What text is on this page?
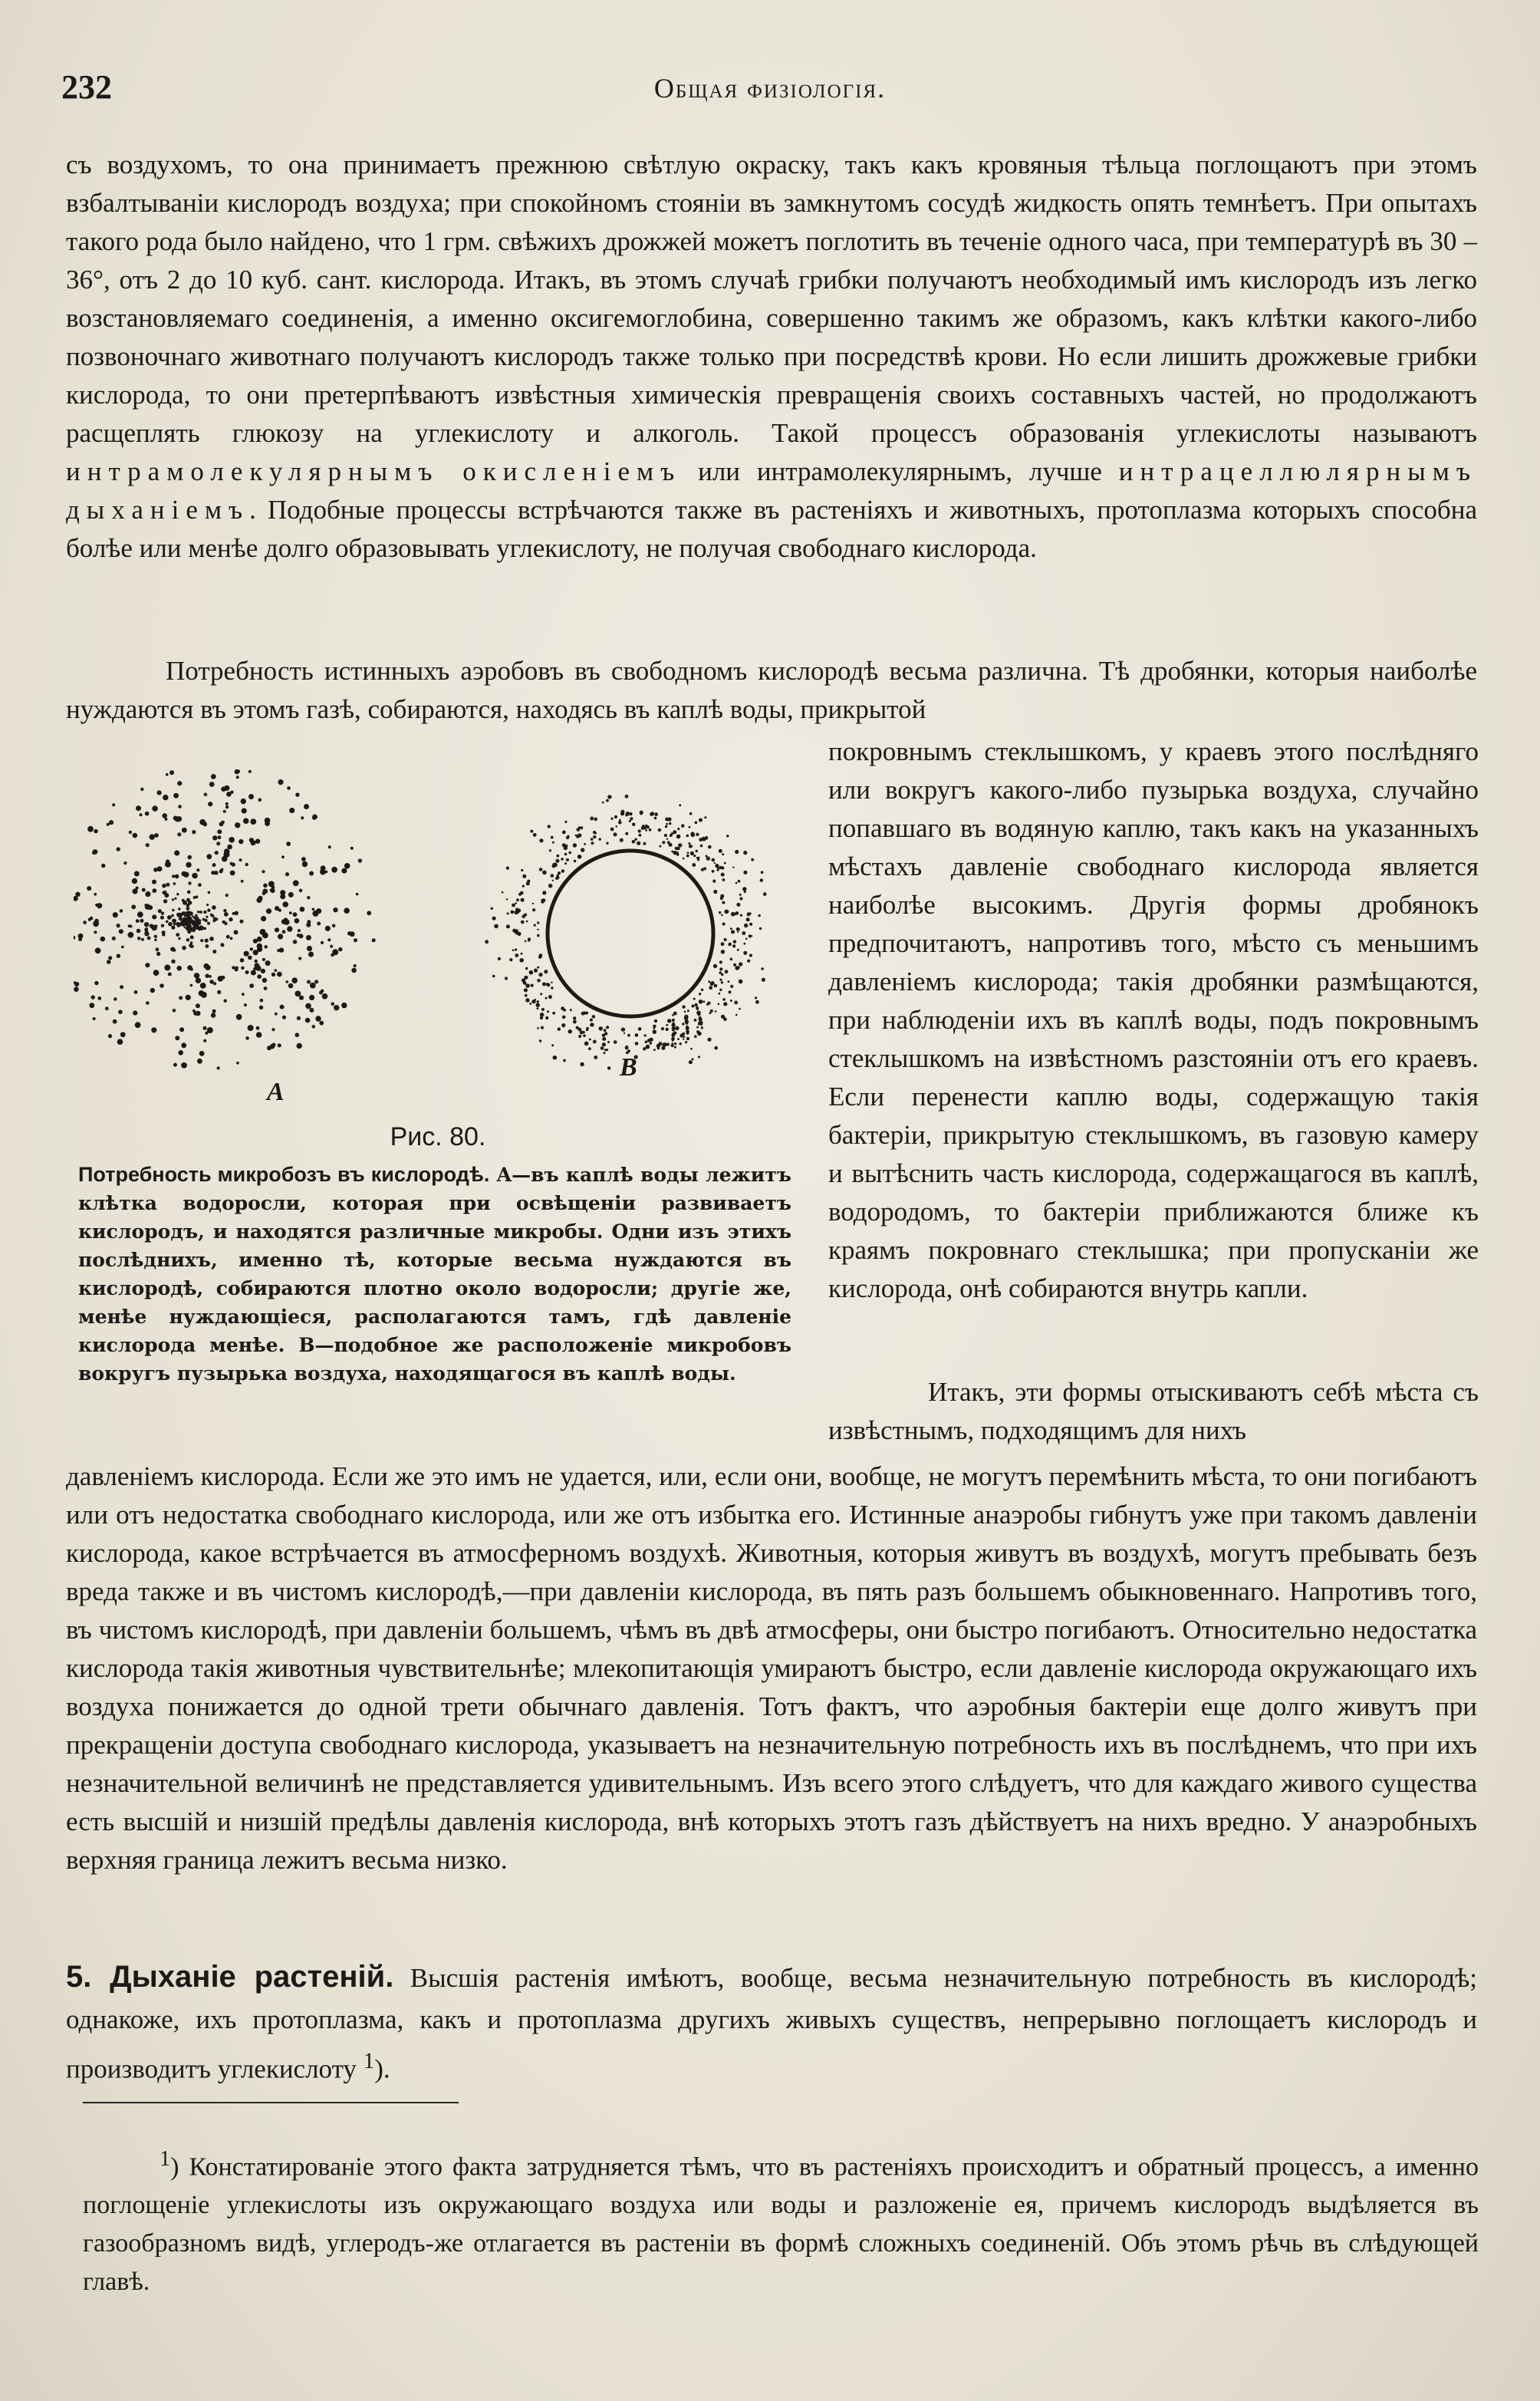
232	Общая физіологія.

съ воздухомъ, то она принимаетъ прежнюю свѣтлую окраску, такъ какъ кровяныя тѣльца поглощаютъ при этомъ взбалтываніи кислородъ воздуха; при спокойномъ стояніи въ замкнутомъ сосудѣ жидкость опять темнѣетъ. При опытахъ такого рода было найдено, что 1 грм. свѣжихъ дрожжей можетъ поглотить въ теченіе одного часа, при температурѣ въ 30 – 36°, отъ 2 до 10 куб. сант. кислорода. Итакъ, въ этомъ случаѣ грибки получаютъ необходимый имъ кислородъ изъ легко возстановляемаго соединенія, а именно оксигемоглобина, совершенно такимъ же образомъ, какъ клѣтки какого-либо позвоночнаго животнаго получаютъ кислородъ также только при посредствѣ крови. Но если лишить дрожжевые грибки кислорода, то они претерпѣваютъ извѣстныя химическія превращенія своихъ составныхъ частей, но продолжаютъ расщеплять глюкозу на углекислоту и алкоголь. Такой процессъ образованія углекислоты называютъ интрамолекулярнымъ окисленіемъ или интрамолекулярнымъ, лучше интрацеллюлярнымъ дыханіемъ. Подобные процессы встрѣчаются также въ растеніяхъ и животныхъ, протоплазма которыхъ способна болѣе или менѣе долго образовывать углекислоту, не получая свободнаго кислорода.

Потребность истинныхъ аэробовъ въ свободномъ кислородѣ весьма различна. Тѣ дробянки, которыя наиболѣе нуждаются въ этомъ газѣ, собираются, находясь въ каплѣ воды, прикрытой

покровнымъ стеклышкомъ, у краевъ этого послѣдняго или вокругъ какого-либо пузырька воздуха, случайно попавшаго въ водяную каплю, такъ какъ на указанныхъ мѣстахъ давленіе свободнаго кислорода является наиболѣе высокимъ. Другія формы дробянокъ предпочитаютъ, напротивъ того, мѣсто съ меньшимъ давленіемъ кислорода; такія дробянки размѣщаются, при наблюденіи ихъ въ каплѣ воды, подъ покровнымъ стеклышкомъ на извѣстномъ разстояніи отъ его краевъ. Если перенести каплю воды, содержащую такія бактеріи, прикрытую стеклышкомъ, въ газовую камеру и вытѣснить часть кислорода, содержащагося въ каплѣ, водородомъ, то бактеріи приближаются ближе къ краямъ покровнаго стеклышка; при пропусканіи же кислорода, онѣ собираются внутрь капли.

A
B
Рис. 80.

Потребность микробозъ въ кислородѣ. A—въ каплѣ воды лежитъ клѣтка водоросли, которая при освѣщеніи развиваетъ кислородъ, и находятся различные микробы. Одни изъ этихъ послѣднихъ, именно тѣ, которые весьма нуждаются въ кислородѣ, собираются плотно около водоросли; другіе же, менѣе нуждающіеся, располагаются тамъ, гдѣ давленіе кислорода менѣе. B—подобное же расположеніе микробовъ вокругъ пузырька воздуха, находящагося въ каплѣ воды.

Итакъ, эти формы отыскиваютъ себѣ мѣста съ извѣстнымъ, подходящимъ для нихъ

давленіемъ кислорода. Если же это имъ не удается, или, если они, вообще, не могутъ перемѣнить мѣста, то они погибаютъ или отъ недостатка свободнаго кислорода, или же отъ избытка его. Истинные анаэробы гибнутъ уже при такомъ давленіи кислорода, какое встрѣчается въ атмосферномъ воздухѣ. Животныя, которыя живутъ въ воздухѣ, могутъ пребывать безъ вреда также и въ чистомъ кислородѣ,—при давленіи кислорода, въ пять разъ большемъ обыкновеннаго. Напротивъ того, въ чистомъ кислородѣ, при давленіи большемъ, чѣмъ въ двѣ атмосферы, они быстро погибаютъ. Относительно недостатка кислорода такія животныя чувствительнѣе; млекопитающія умираютъ быстро, если давленіе кислорода окружающаго ихъ воздуха понижается до одной трети обычнаго давленія. Тотъ фактъ, что аэробныя бактеріи еще долго живутъ при прекращеніи доступа свободнаго кислорода, указываетъ на незначительную потребность ихъ въ послѣднемъ, что при ихъ незначительной величинѣ не представляется удивительнымъ. Изъ всего этого слѣдуетъ, что для каждаго живого существа есть высшій и низшій предѣлы давленія кислорода, внѣ которыхъ этотъ газъ дѣйствуетъ на нихъ вредно. У анаэробныхъ верхняя граница лежитъ весьма низко.

5. Дыханіе растеній. Высшія растенія имѣютъ, вообще, весьма незначительную потребность въ кислородѣ; однакоже, ихъ протоплазма, какъ и протоплазма другихъ живыхъ существъ, непрерывно поглощаетъ кислородъ и производитъ углекислоту $^1$).

$^1$) Констатированіе этого факта затрудняется тѣмъ, что въ растеніяхъ происходитъ и обратный процессъ, а именно поглощеніе углекислоты изъ окружающаго воздуха или воды и разложеніе ея, причемъ кислородъ выдѣляется въ газообразномъ видѣ, углеродъ-же отлагается въ растеніи въ формѣ сложныхъ соединеній. Объ этомъ рѣчь въ слѣдующей главѣ.
